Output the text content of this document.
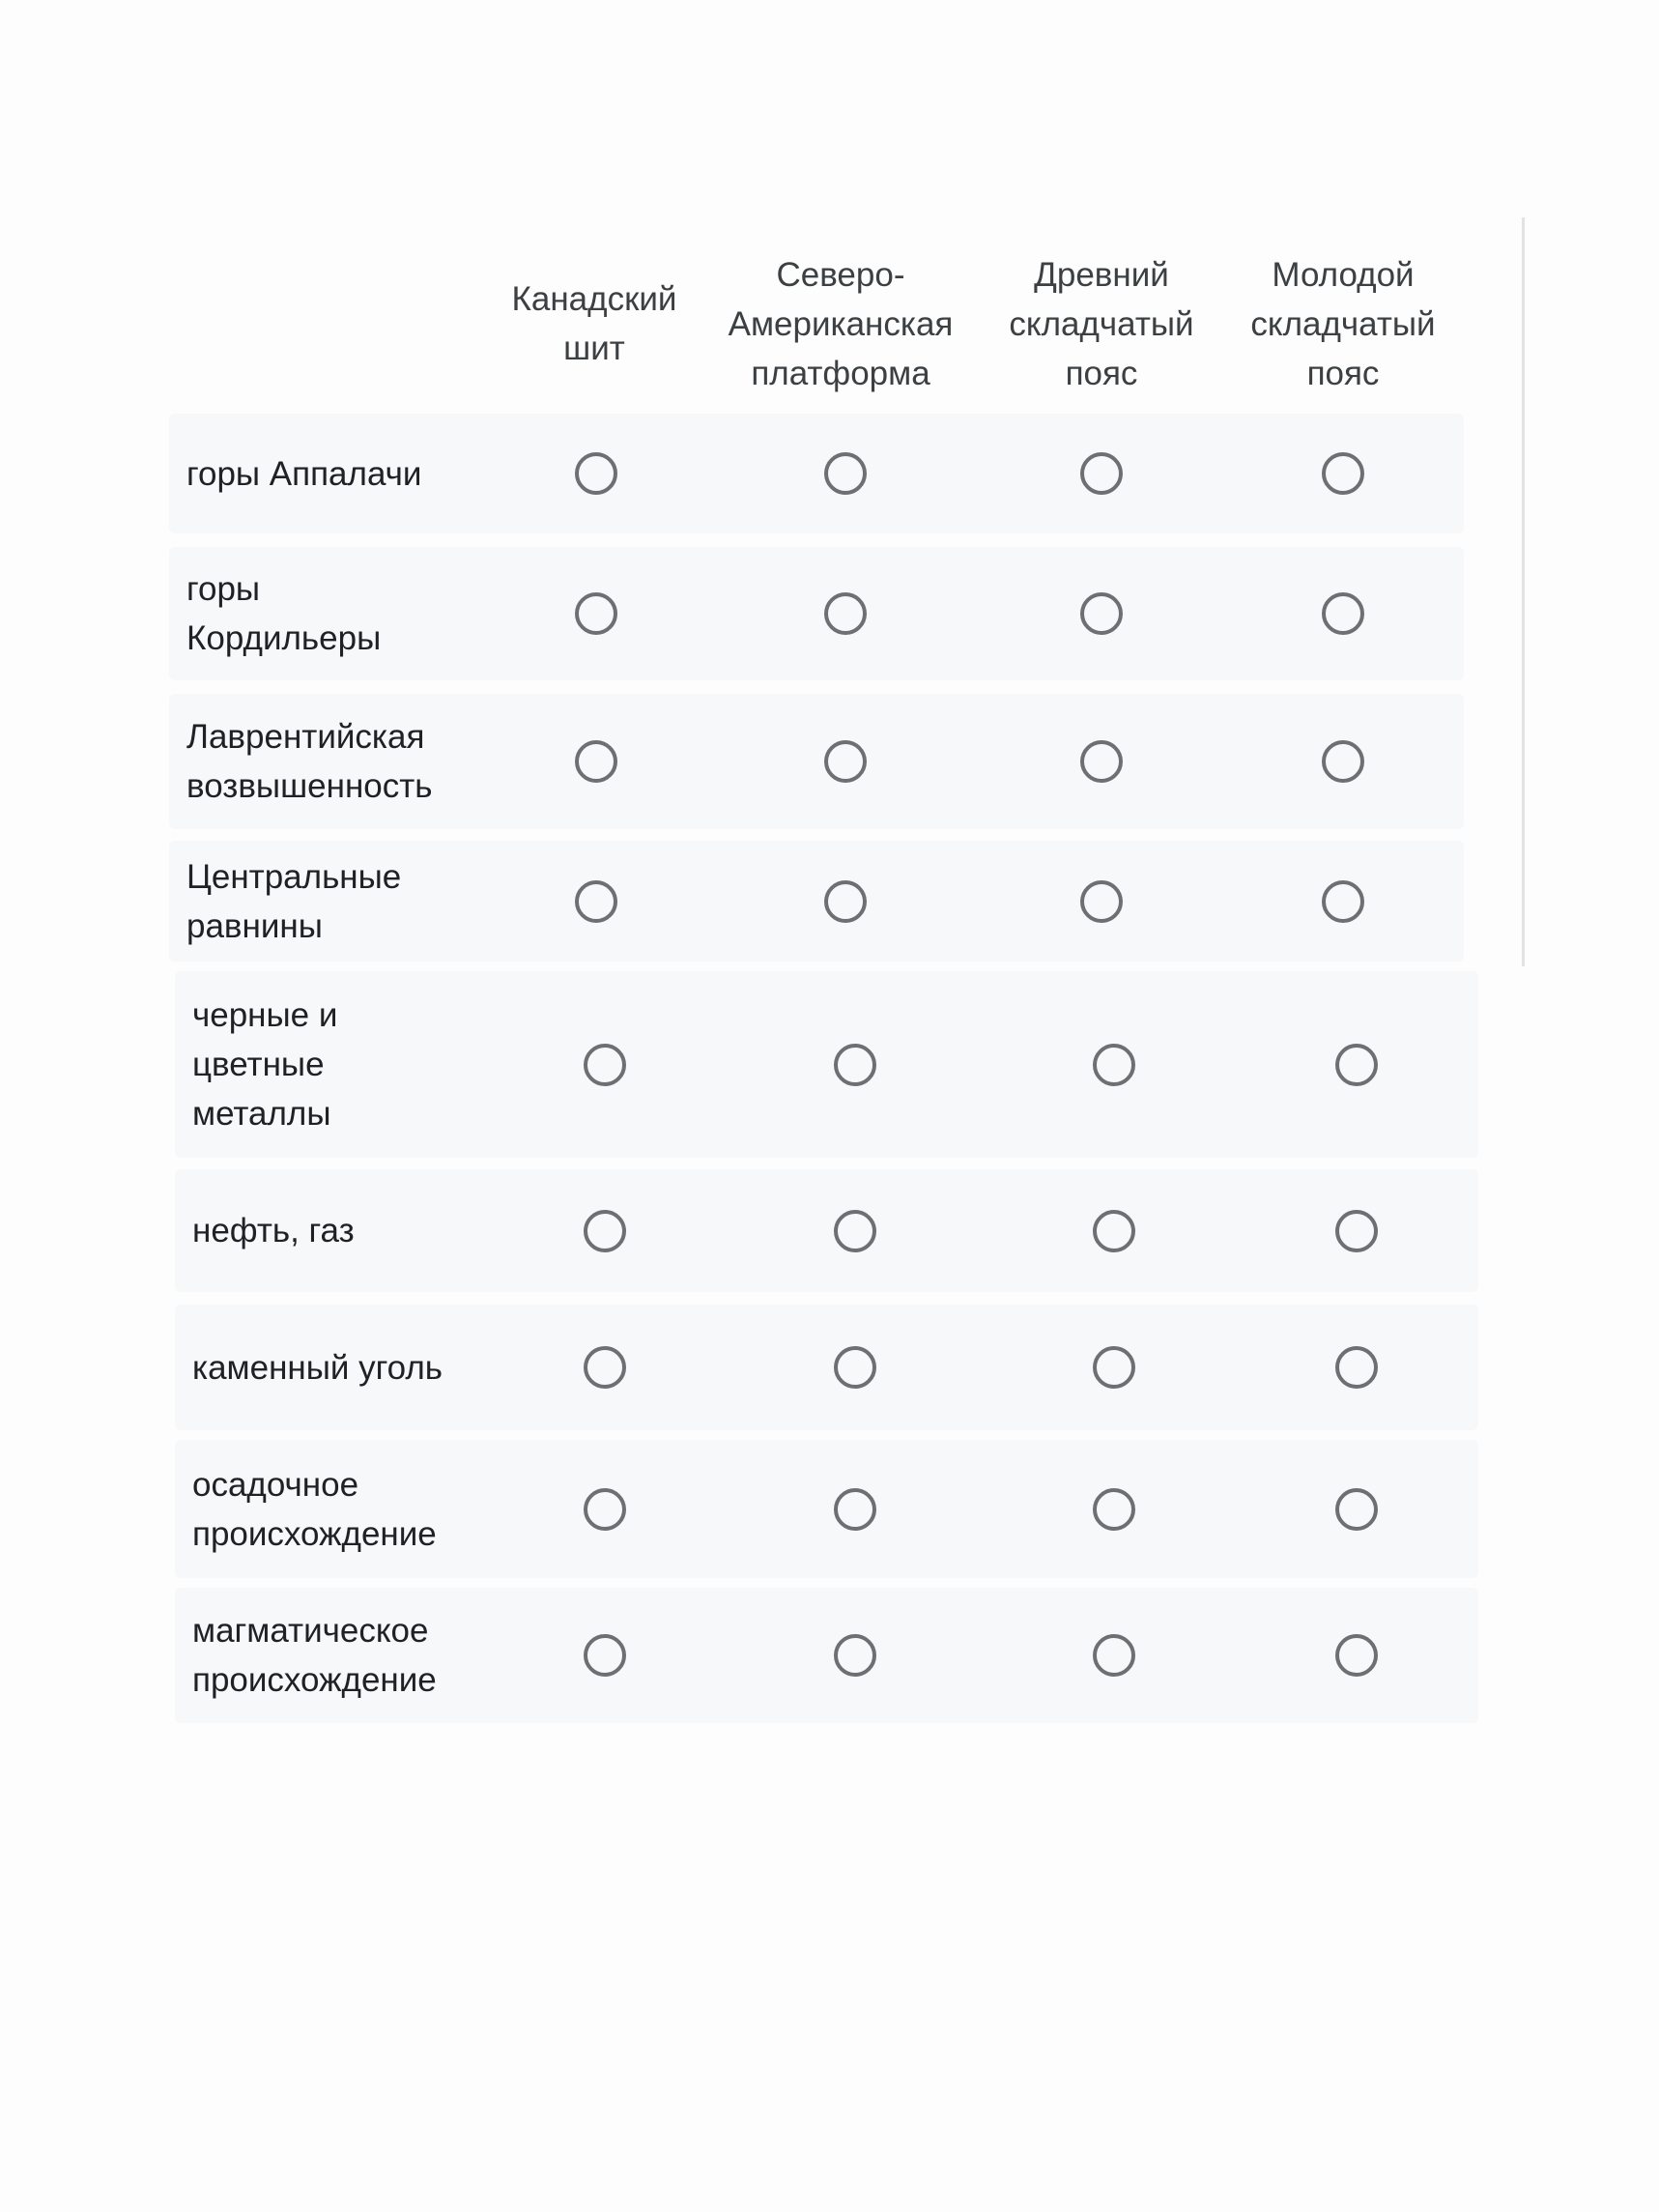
Канадский
шит
Северо-
Американская
платформа
Древний
складчатый
пояс
Молодой
складчатый
пояс
горы Аппалачи
горы
Кордильеры
Лаврентийская
возвышенность
Центральные
равнины
черные и
цветные
металлы
нефть, газ
каменный уголь
осадочное
происхождение
магматическое
происхождение
